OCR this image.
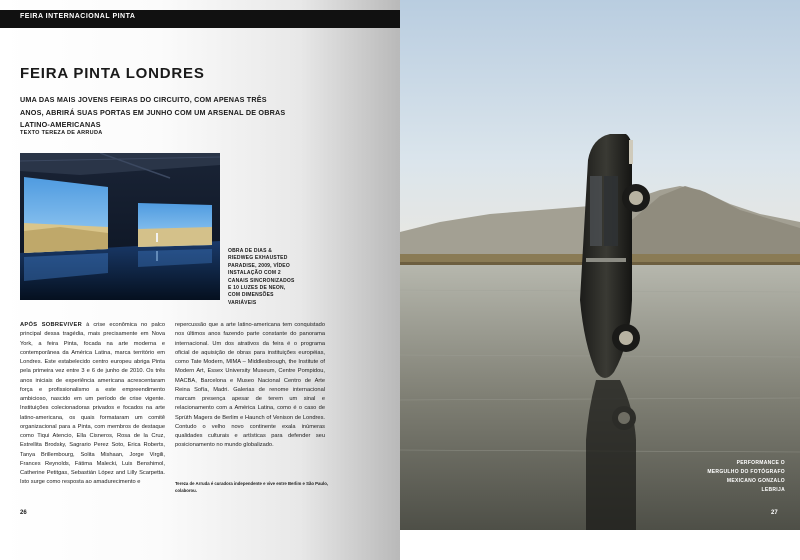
FEIRA INTERNACIONAL PINTA
FEIRA PINTA LONDRES
UMA DAS MAIS JOVENS FEIRAS DO CIRCUITO, COM APENAS TRÊS ANOS, ABRIRÁ SUAS PORTAS EM JUNHO COM UM ARSENAL DE OBRAS LATINO-AMERICANAS
TEXTO TEREZA DE ARRUDA
OBRA DE DIAS & RIEDWEG EXHAUSTED PARADISE, 2009, VÍDEO INSTALAÇÃO COM 2 CANAIS SINCRONIZADOS E 10 LUZES DE NEON, COM DIMENSÕES VARIÁVEIS
APÓS SOBREVIVER à crise econômica no palco principal dessa tragédia, mais precisamente em Nova York, a feira Pinta, focada na arte moderna e contemporânea da América Latina, marca território em Londres. Este estabelecido centro europeu abriga Pinta pela primeira vez entre 3 e 6 de junho de 2010. Os três anos iniciais de experiência americana acrescentaram força e profissionalismo a este empreendimento ambicioso, nascido em um período de crise vigente. Instituições colecionadoras privados e focados na arte latino-americana, os quais formataram um comitê organizacional para a Pinta, com membros de destaque como Tiqui Atencio, Ella Cisneros, Rosa de la Cruz, Estrellita Brodsky, Sagrario Perez Soto, Erica Roberts, Tanya Brillembourg, Solita Mishaan, Jorge Virgili, Frances Reynolds, Fátima Malecki, Luis Benshimol, Catherine Petitgas, Sebastián López and Lilly Scarpetta. Isto surge como resposta ao amadurecimento e
repercussão que a arte latino-americana tem conquistado nos últimos anos fazendo parte constante do panorama internacional. Um dos atrativos da feira é o programa oficial de aquisição de obras para instituições européias, como Tate Modern, MIMA – Middlesbrough, the Institute of Modern Art, Essex University Museum, Centre Pompidou, MACBA, Barcelona e Museo Nacional Centro de Arte Reina Sofía, Madri. Galerias de renome internacional marcam presença apesar de terem um sinal e relacionamento com a América Latina, como é o caso de Sprüth Magers de Berlim e Haunch of Venison de Londres. Contudo o velho novo continente exala inúmeras qualidades culturais e artísticas para defender seu posicionamento no mundo globalizado.
Tereza de Arruda é curadora independente e vive entre Berlim e São Paulo, colaborou.
26
PERFORMANCE O MERGULHO DO FOTÓGRAFO MEXICANO GONZALO LEBRIJA
27
